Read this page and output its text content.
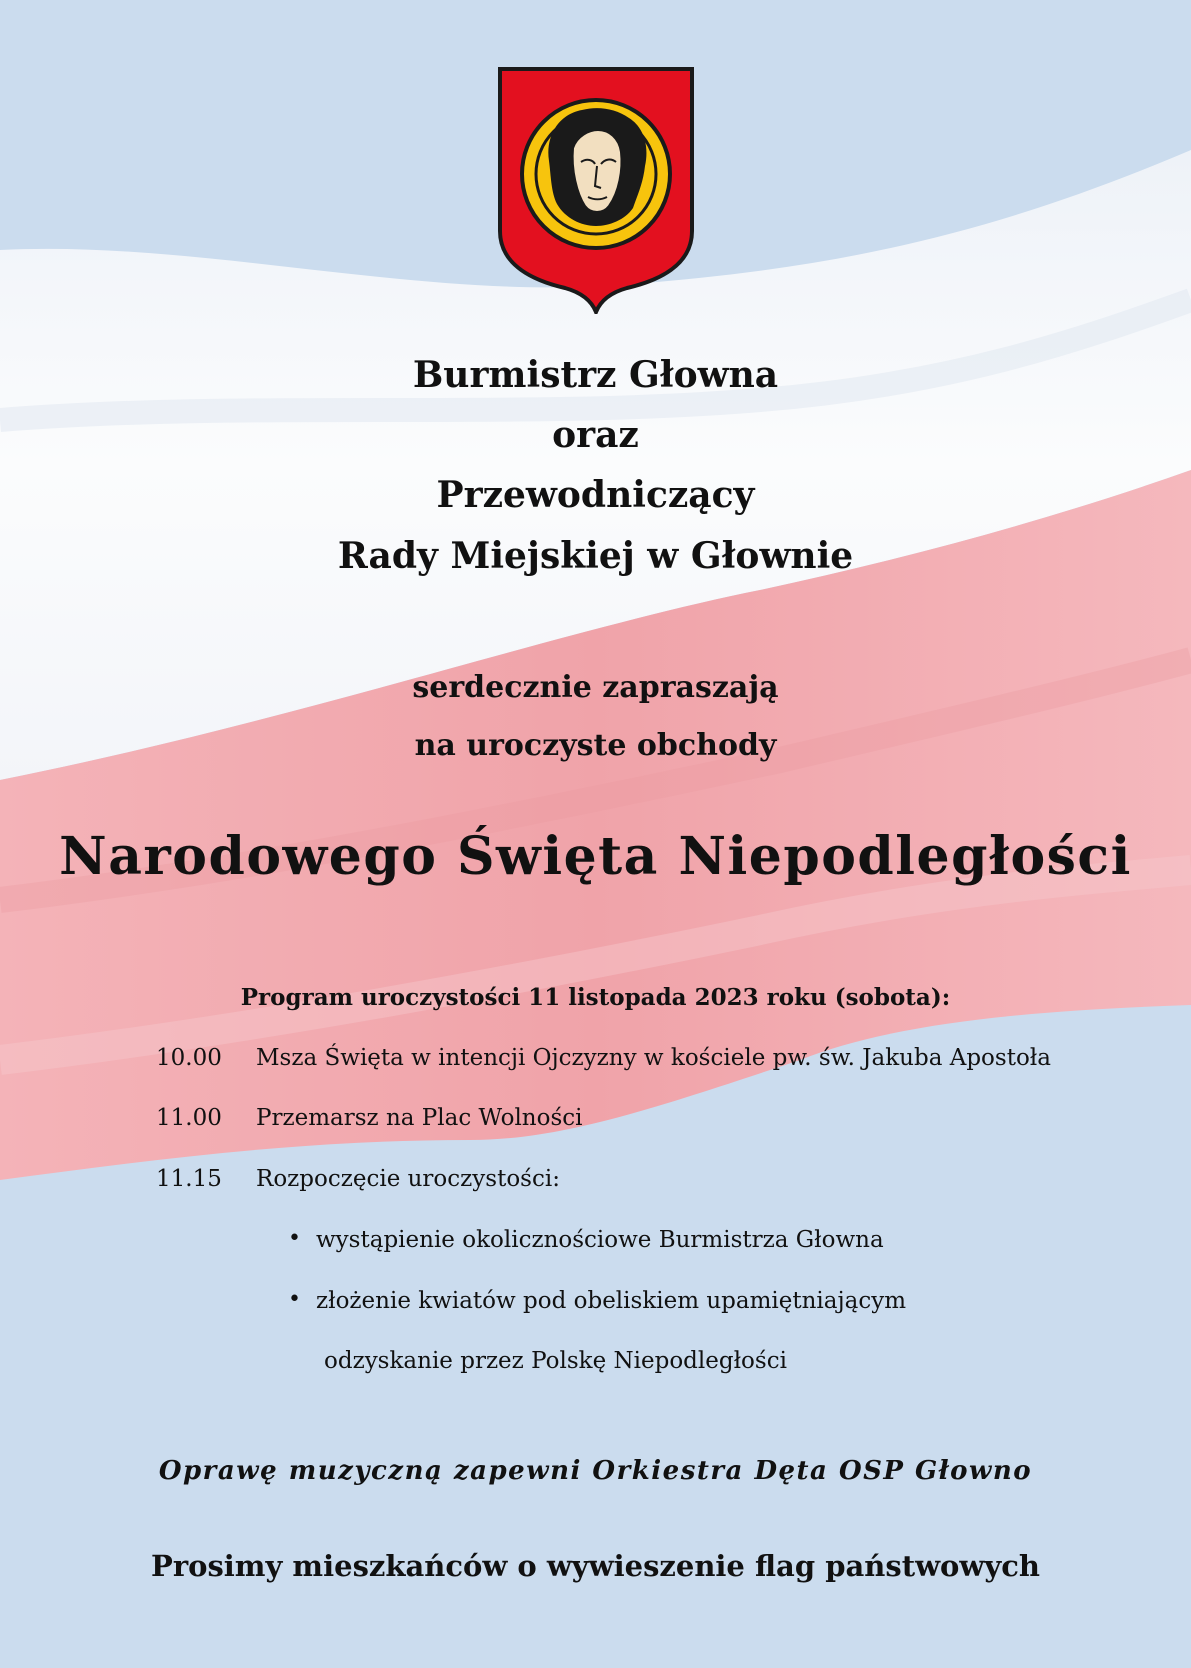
Burmistrz Głowna
oraz
Przewodniczący
Rady Miejskiej w Głownie
serdecznie zapraszają
na uroczyste obchody
Narodowego Święta Niepodległości
Program uroczystości 11 listopada 2023 roku (sobota):
10.00 Msza Święta w intencji Ojczyzny w kościele pw. św. Jakuba Apostoła
11.00 Przemarsz na Plac Wolności
11.15 Rozpoczęcie uroczystości:
• wystąpienie okolicznościowe Burmistrza Głowna
• złożenie kwiatów pod obeliskiem upamiętniającym
odzyskanie przez Polskę Niepodległości
Oprawę muzyczną zapewni Orkiestra Dęta OSP Głowno
Prosimy mieszkańców o wywieszenie flag państwowych
